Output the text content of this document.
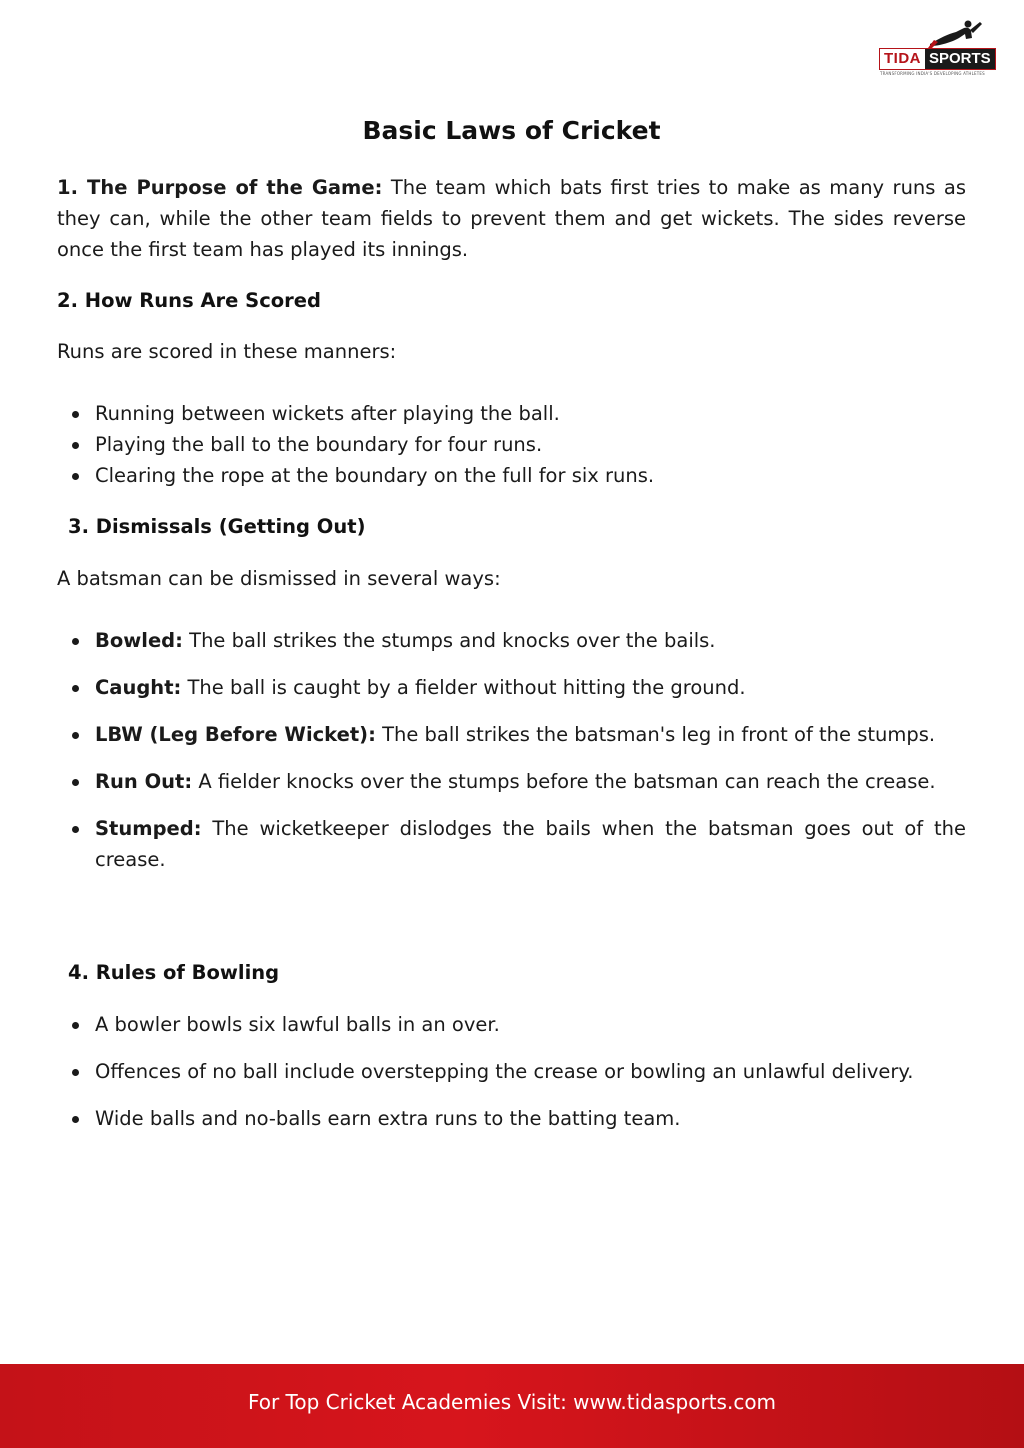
TIDA SPORTS
TRANSFORMING INDIA'S DEVELOPING ATHLETES
Basic Laws of Cricket

1. The Purpose of the Game: The team which bats first tries to make as many runs as they can, while the other team fields to prevent them and get wickets. The sides reverse once the first team has played its innings.

2. How Runs Are Scored
Runs are scored in these manners:
Running between wickets after playing the ball.
Playing the ball to the boundary for four runs.
Clearing the rope at the boundary on the full for six runs.
3. Dismissals (Getting Out)
A batsman can be dismissed in several ways:
Bowled: The ball strikes the stumps and knocks over the bails.
Caught: The ball is caught by a fielder without hitting the ground.
LBW (Leg Before Wicket): The ball strikes the batsman's leg in front of the stumps.
Run Out: A fielder knocks over the stumps before the batsman can reach the crease.
Stumped: The wicketkeeper dislodges the bails when the batsman goes out of the crease.
4. Rules of Bowling
A bowler bowls six lawful balls in an over.
Offences of no ball include overstepping the crease or bowling an unlawful delivery.
Wide balls and no-balls earn extra runs to the batting team.
For Top Cricket Academies Visit: www.tidasports.com
